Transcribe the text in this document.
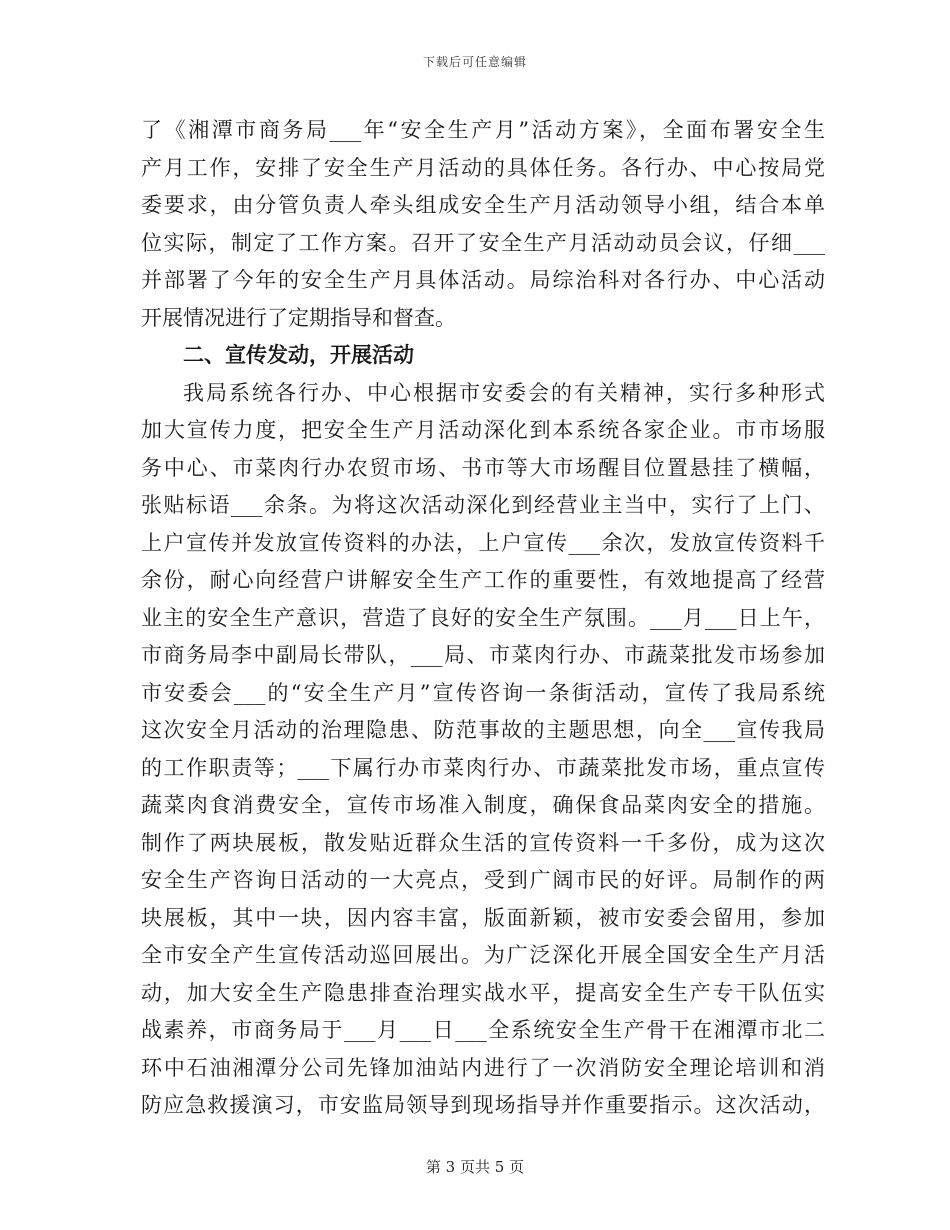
下载后可任意编辑
了《湘潭市商务局___年“安全生产月”活动方案》，全面布署安全生
产月工作，安排了安全生产月活动的具体任务。各行办、中心按局党
委要求，由分管负责人牵头组成安全生产月活动领导小组，结合本单
位实际，制定了工作方案。召开了安全生产月活动动员会议，仔细___
并部署了今年的安全生产月具体活动。局综治科对各行办、中心活动
开展情况进行了定期指导和督查。
二、宣传发动，开展活动
我局系统各行办、中心根据市安委会的有关精神，实行多种形式
加大宣传力度，把安全生产月活动深化到本系统各家企业。市市场服
务中心、市菜肉行办农贸市场、书市等大市场醒目位置悬挂了横幅，
张贴标语___余条。为将这次活动深化到经营业主当中，实行了上门、
上户宣传并发放宣传资料的办法，上户宣传___余次，发放宣传资料千
余份，耐心向经营户讲解安全生产工作的重要性，有效地提高了经营
业主的安全生产意识，营造了良好的安全生产氛围。___月___日上午，
市商务局李中副局长带队，___局、市菜肉行办、市蔬菜批发市场参加
市安委会___的“安全生产月”宣传咨询一条街活动，宣传了我局系统
这次安全月活动的治理隐患、防范事故的主题思想，向全___宣传我局
的工作职责等；___下属行办市菜肉行办、市蔬菜批发市场，重点宣传
蔬菜肉食消费安全，宣传市场准入制度，确保食品菜肉安全的措施。
制作了两块展板，散发贴近群众生活的宣传资料一千多份，成为这次
安全生产咨询日活动的一大亮点，受到广阔市民的好评。局制作的两
块展板，其中一块，因内容丰富，版面新颖，被市安委会留用，参加
全市安全产生宣传活动巡回展出。为广泛深化开展全国安全生产月活
动，加大安全生产隐患排查治理实战水平，提高安全生产专干队伍实
战素养，市商务局于___月___日___全系统安全生产骨干在湘潭市北二
环中石油湘潭分公司先锋加油站内进行了一次消防安全理论培训和消
防应急救援演习，市安监局领导到现场指导并作重要指示。这次活动，
第 3 页共 5 页
